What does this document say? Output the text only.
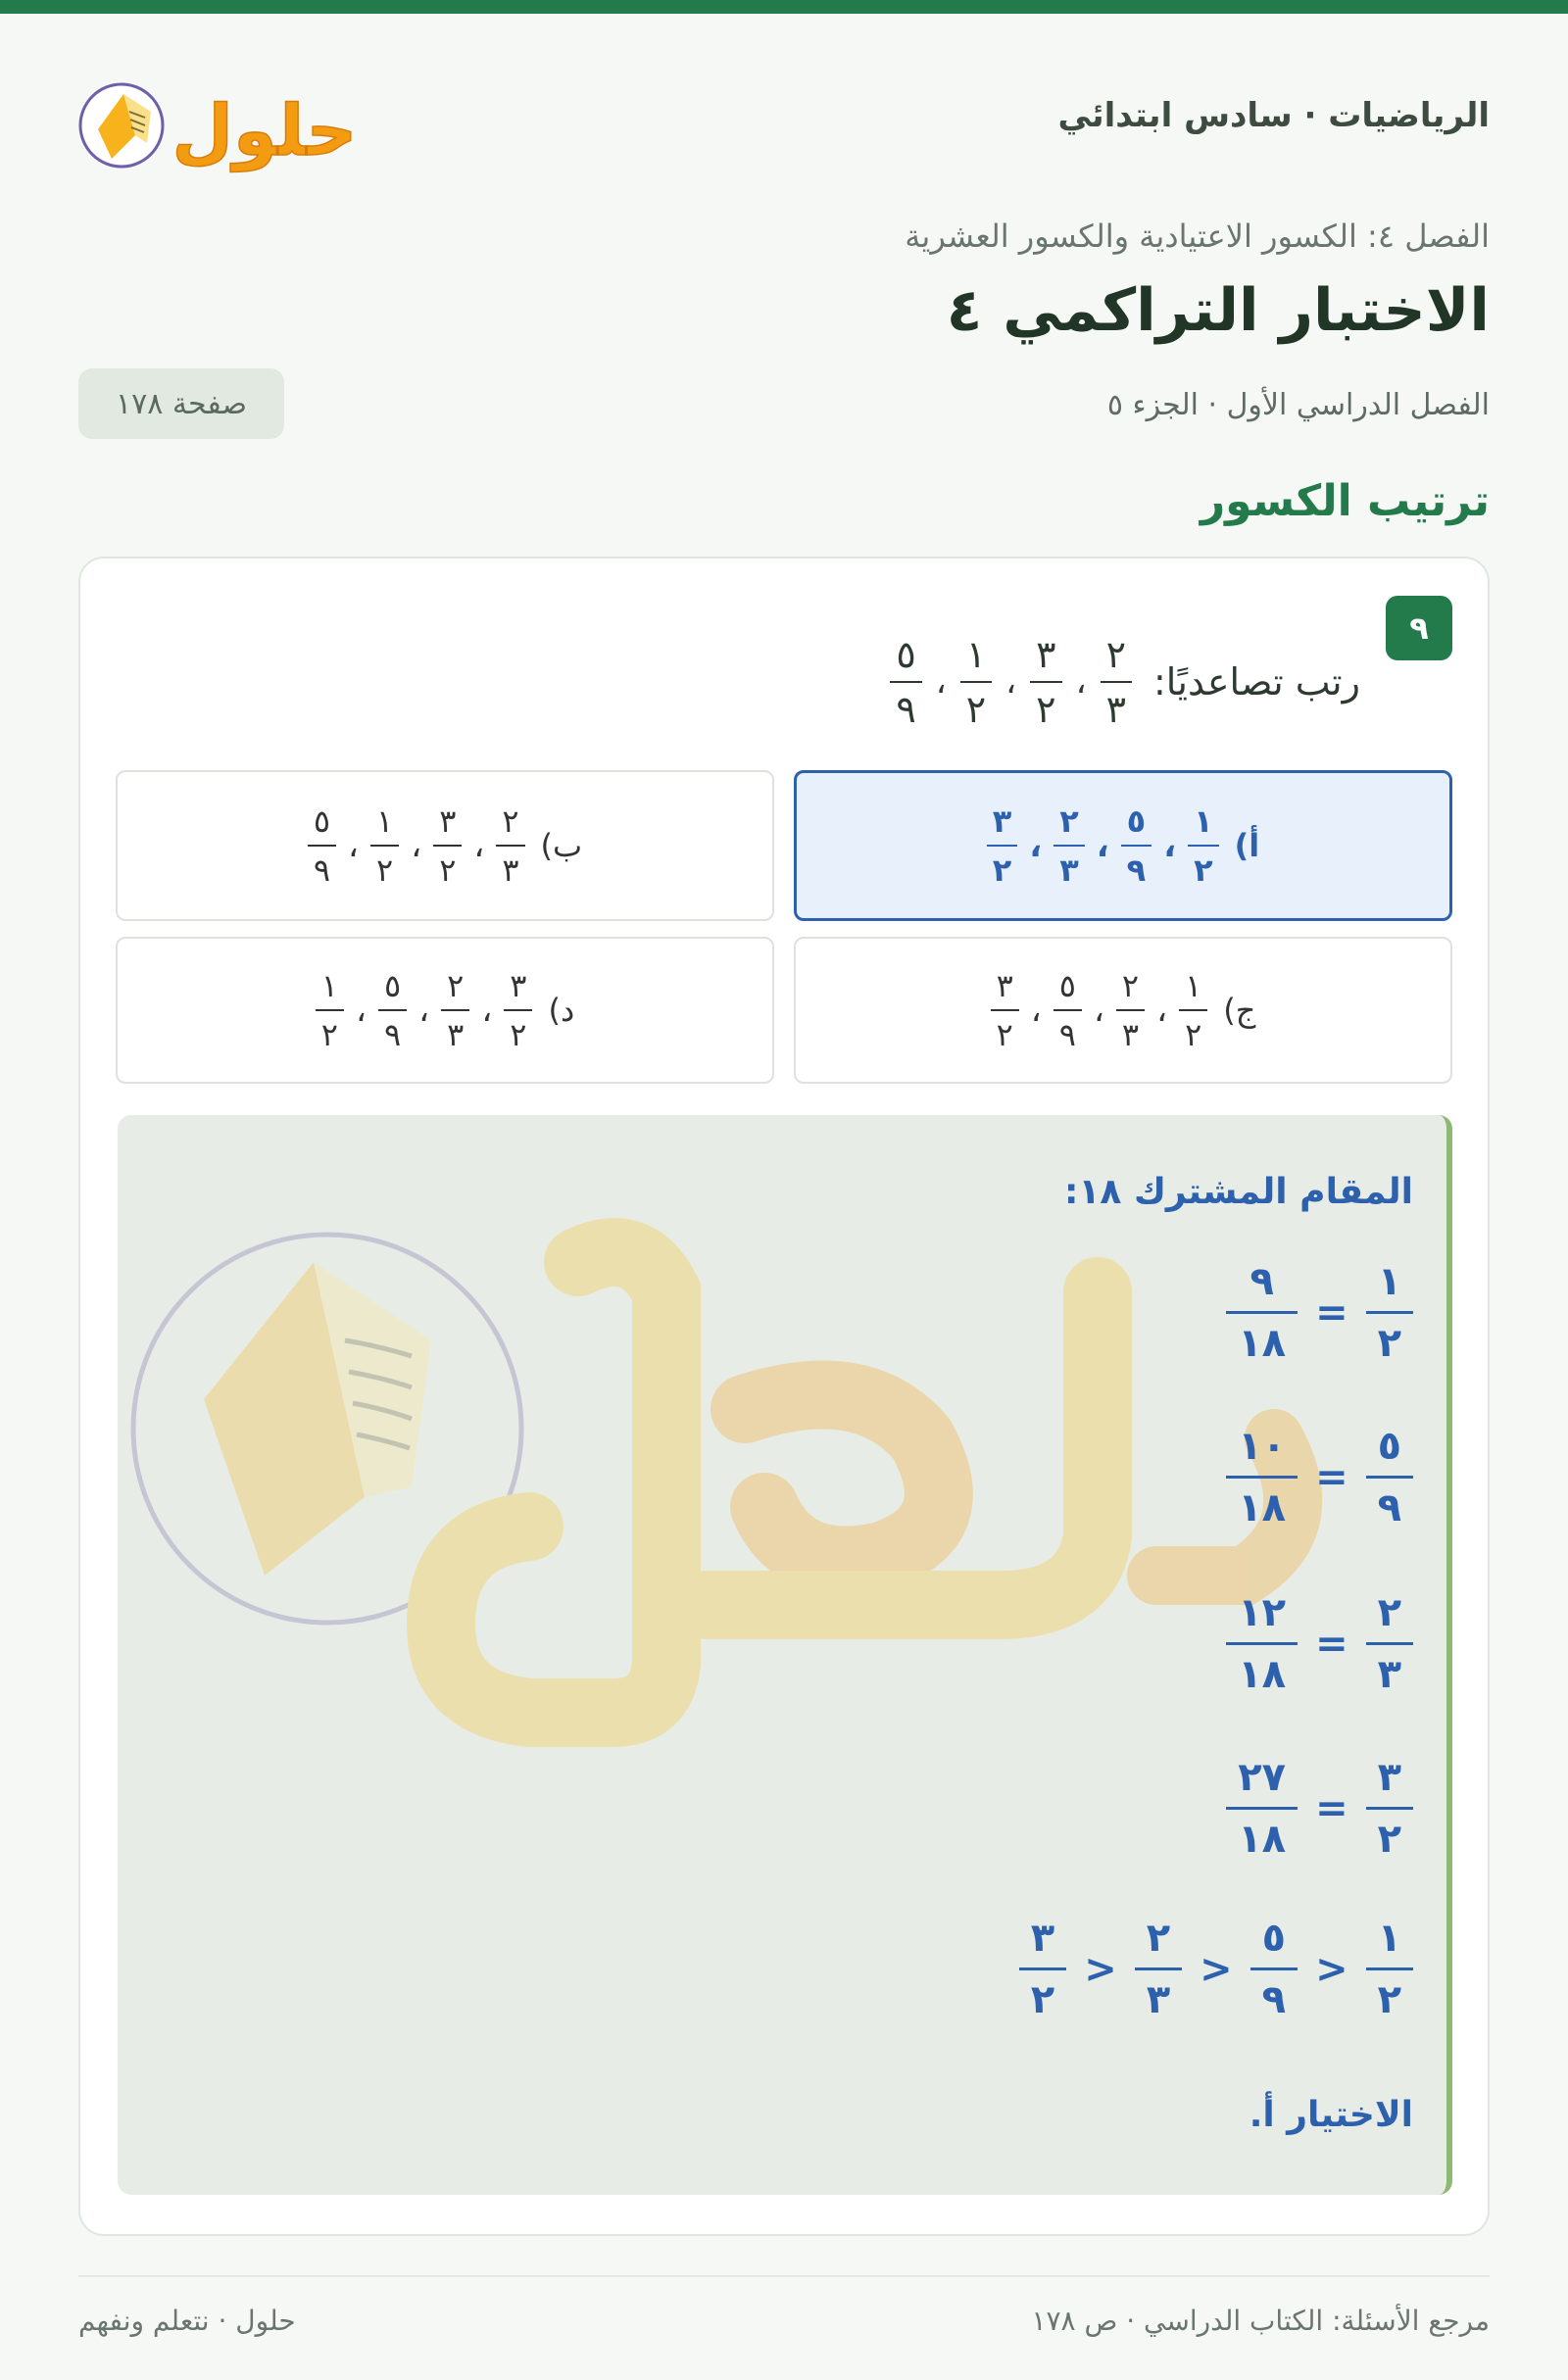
الرياضيات · سادس ابتدائي
حلول
الفصل ٤: الكسور الاعتيادية والكسور العشرية
الاختبار التراكمي ٤
الفصل الدراسي الأول · الجزء ٥
صفحة ١٧٨
ترتيب الكسور
٩
رتب تصاعديًا:
$\frac{٢}{٣}$
،
$\frac{٣}{٢}$
،
$\frac{١}{٢}$
،
$\frac{٥}{٩}$
أ)
$\frac{١}{٢}$
،
$\frac{٥}{٩}$
،
$\frac{٢}{٣}$
،
$\frac{٣}{٢}$
ب)
$\frac{٢}{٣}$
،
$\frac{٣}{٢}$
،
$\frac{١}{٢}$
،
$\frac{٥}{٩}$
ج)
$\frac{١}{٢}$
،
$\frac{٢}{٣}$
،
$\frac{٥}{٩}$
،
$\frac{٣}{٢}$
د)
$\frac{٣}{٢}$
،
$\frac{٢}{٣}$
،
$\frac{٥}{٩}$
،
$\frac{١}{٢}$
المقام المشترك ١٨:
$\frac{١}{٢}$
=
$\frac{٩}{١٨}$
$\frac{٥}{٩}$
=
$\frac{١٠}{١٨}$
$\frac{٢}{٣}$
=
$\frac{١٢}{١٨}$
$\frac{٣}{٢}$
=
$\frac{٢٧}{١٨}$
$\frac{١}{٢}$
<
$\frac{٥}{٩}$
<
$\frac{٢}{٣}$
<
$\frac{٣}{٢}$
الاختيار أ.
مرجع الأسئلة: الكتاب الدراسي · ص ١٧٨
حلول · نتعلم ونفهم
